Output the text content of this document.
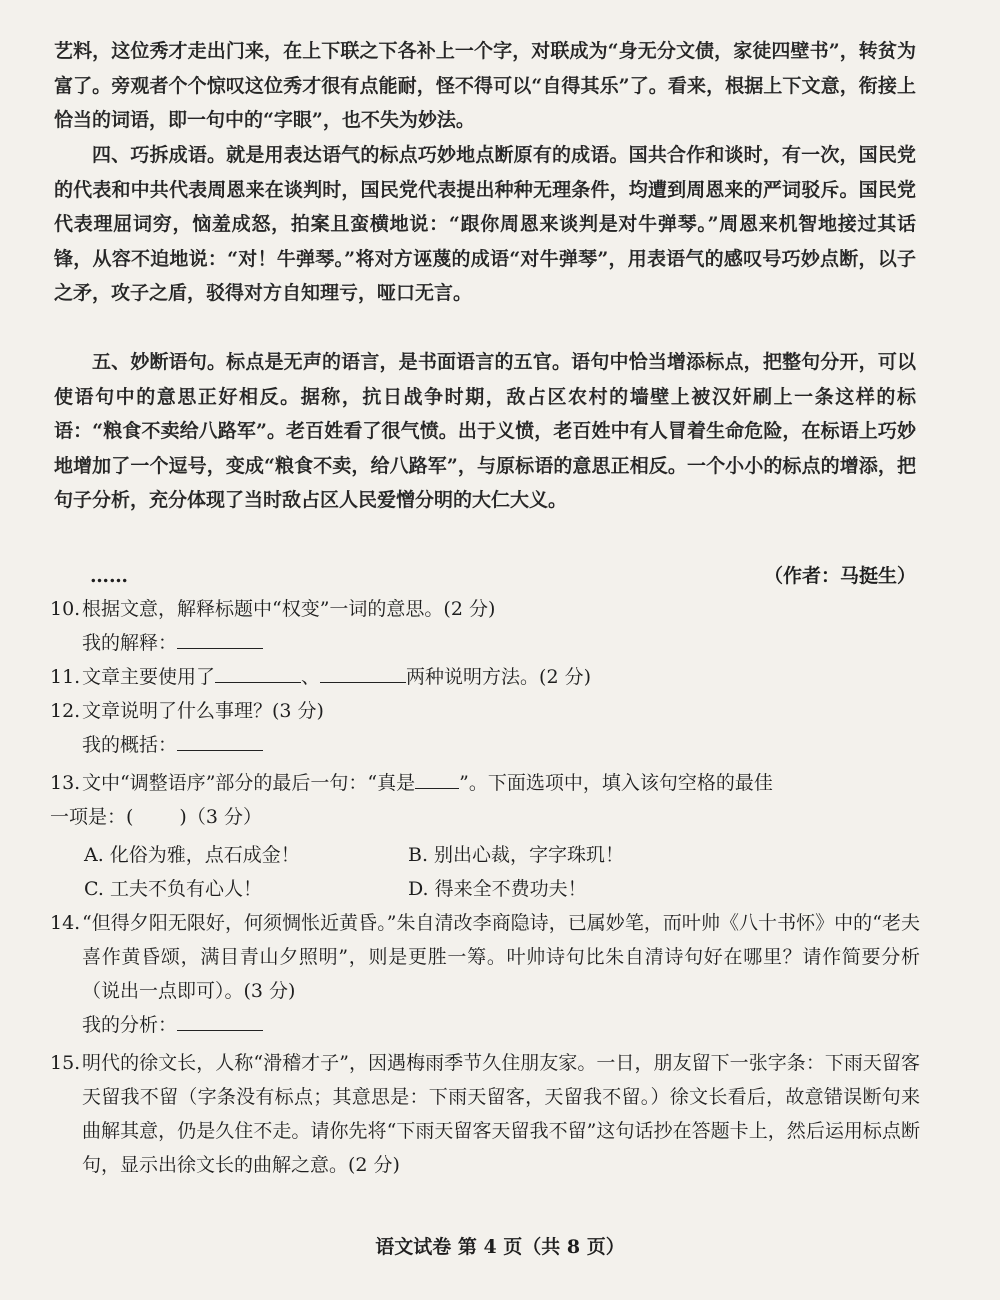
艺料，这位秀才走出门来，在上下联之下各补上一个字，对联成为“身无分文债，家徒四壁书”，转贫为富了。旁观者个个惊叹这位秀才很有点能耐，怪不得可以“自得其乐”了。看来，根据上下文意，衔接上恰当的词语，即一句中的“字眼”，也不失为妙法。
四、巧拆成语。就是用表达语气的标点巧妙地点断原有的成语。国共合作和谈时，有一次，国民党的代表和中共代表周恩来在谈判时，国民党代表提出种种无理条件，均遭到周恩来的严词驳斥。国民党代表理屈词穷，恼羞成怒，拍案且蛮横地说：“跟你周恩来谈判是对牛弹琴。”周恩来机智地接过其话锋，从容不迫地说：“对！牛弹琴。”将对方诬蔑的成语“对牛弹琴”，用表语气的感叹号巧妙点断，以子之矛，攻子之盾，驳得对方自知理亏，哑口无言。
五、妙断语句。标点是无声的语言，是书面语言的五官。语句中恰当增添标点，把整句分开，可以使语句中的意思正好相反。据称，抗日战争时期，敌占区农村的墙壁上被汉奸刷上一条这样的标语：“粮食不卖给八路军”。老百姓看了很气愤。出于义愤，老百姓中有人冒着生命危险，在标语上巧妙地增加了一个逗号，变成“粮食不卖，给八路军”，与原标语的意思正相反。一个小小的标点的增添，把句子分析，充分体现了当时敌占区人民爱憎分明的大仁大义。
……	（作者：马挺生）
10.根据文意，解释标题中“权变”一词的意思。(2 分)
我的解释：
11.文章主要使用了	、	两种说明方法。(2 分)
12.文章说明了什么事理？(3 分)
我的概括：
13.文中“调整语序”部分的最后一句：“真是 ”。下面选项中，填入该句空格的最佳
一项是：( )（3 分）
A. 化俗为雅，点石成金！	B. 别出心裁，字字珠玑！
C. 工夫不负有心人！	D. 得来全不费功夫！
14. “但得夕阳无限好，何须惆怅近黄昏。”朱自清改李商隐诗，已属妙笔，而叶帅《八十书怀》中的“老夫喜作黄昏颂，满目青山夕照明”，则是更胜一筹。叶帅诗句比朱自清诗句好在哪里？请作简要分析（说出一点即可）。(3 分)
我的分析：
15. 明代的徐文长，人称“滑稽才子”，因遇梅雨季节久住朋友家。一日，朋友留下一张字条：下雨天留客天留我不留（字条没有标点；其意思是：下雨天留客，天留我不留。）徐文长看后，故意错误断句来曲解其意，仍是久住不走。请你先将“下雨天留客天留我不留”这句话抄在答题卡上，然后运用标点断句，显示出徐文长的曲解之意。(2 分)
语文试卷 第 4 页（共 8 页）
